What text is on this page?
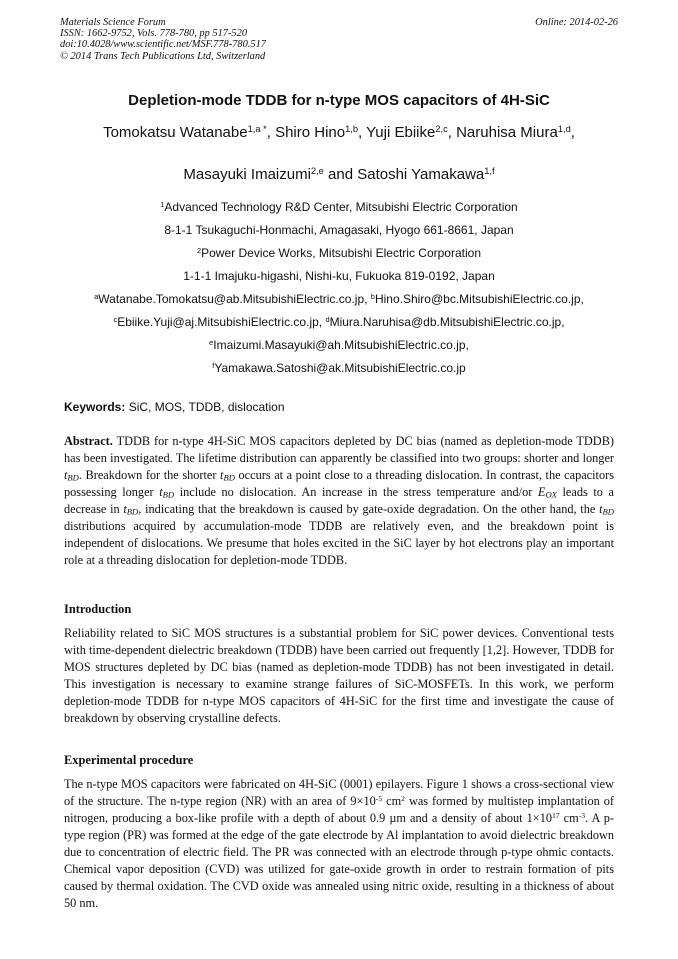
Materials Science Forum
ISSN: 1662-9752, Vols. 778-780, pp 517-520
doi:10.4028/www.scientific.net/MSF.778-780.517
© 2014 Trans Tech Publications Ltd, Switzerland
Online: 2014-02-26
Depletion-mode TDDB for n-type MOS capacitors of 4H-SiC
Tomokatsu Watanabe$^{1,a *}$, Shiro Hino$^{1,b}$, Yuji Ebiike$^{2,c}$, Naruhisa Miura$^{1,d}$,
Masayuki Imaizumi$^{2,e}$ and Satoshi Yamakawa$^{1,f}$
$^1$Advanced Technology R&D Center, Mitsubishi Electric Corporation
8-1-1 Tsukaguchi-Honmachi, Amagasaki, Hyogo 661-8661, Japan
$^2$Power Device Works, Mitsubishi Electric Corporation
1-1-1 Imajuku-higashi, Nishi-ku, Fukuoka 819-0192, Japan
$^a$Watanabe.Tomokatsu@ab.MitsubishiElectric.co.jp, $^b$Hino.Shiro@bc.MitsubishiElectric.co.jp,
$^c$Ebiike.Yuji@aj.MitsubishiElectric.co.jp, $^d$Miura.Naruhisa@db.MitsubishiElectric.co.jp,
$^e$Imaizumi.Masayuki@ah.MitsubishiElectric.co.jp,
$^f$Yamakawa.Satoshi@ak.MitsubishiElectric.co.jp
Keywords: SiC, MOS, TDDB, dislocation

Abstract. TDDB for n-type 4H-SiC MOS capacitors depleted by DC bias (named as depletion-mode TDDB) has been investigated. The lifetime distribution can apparently be classified into two groups: shorter and longer $t_{BD}$. Breakdown for the shorter $t_{BD}$ occurs at a point close to a threading dislocation. In contrast, the capacitors possessing longer $t_{BD}$ include no dislocation. An increase in the stress temperature and/or $E_{OX}$ leads to a decrease in $t_{BD}$, indicating that the breakdown is caused by gate-oxide degradation. On the other hand, the $t_{BD}$ distributions acquired by accumulation-mode TDDB are relatively even, and the breakdown point is independent of dislocations. We presume that holes excited in the SiC layer by hot electrons play an important role at a threading dislocation for depletion-mode TDDB.

Introduction

Reliability related to SiC MOS structures is a substantial problem for SiC power devices. Conventional tests with time-dependent dielectric breakdown (TDDB) have been carried out frequently [1,2]. However, TDDB for MOS structures depleted by DC bias (named as depletion-mode TDDB) has not been investigated in detail. This investigation is necessary to examine strange failures of SiC-MOSFETs. In this work, we perform depletion-mode TDDB for n-type MOS capacitors of 4H-SiC for the first time and investigate the cause of breakdown by observing crystalline defects.

Experimental procedure

The n-type MOS capacitors were fabricated on 4H-SiC (0001) epilayers. Figure 1 shows a cross-sectional view of the structure. The n-type region (NR) with an area of $9\times 10^{-5}$ $cm^2$ was formed by multistep implantation of nitrogen, producing a box-like profile with a depth of about 0.9 µm and a density of about $1\times 10^{17}$ $cm^{-3}$. A p-type region (PR) was formed at the edge of the gate electrode by Al implantation to avoid dielectric breakdown due to concentration of electric field. The PR was connected with an electrode through p-type ohmic contacts. Chemical vapor deposition (CVD) was utilized for gate-oxide growth in order to restrain formation of pits caused by thermal oxidation. The CVD oxide was annealed using nitric oxide, resulting in a thickness of about 50 nm.
